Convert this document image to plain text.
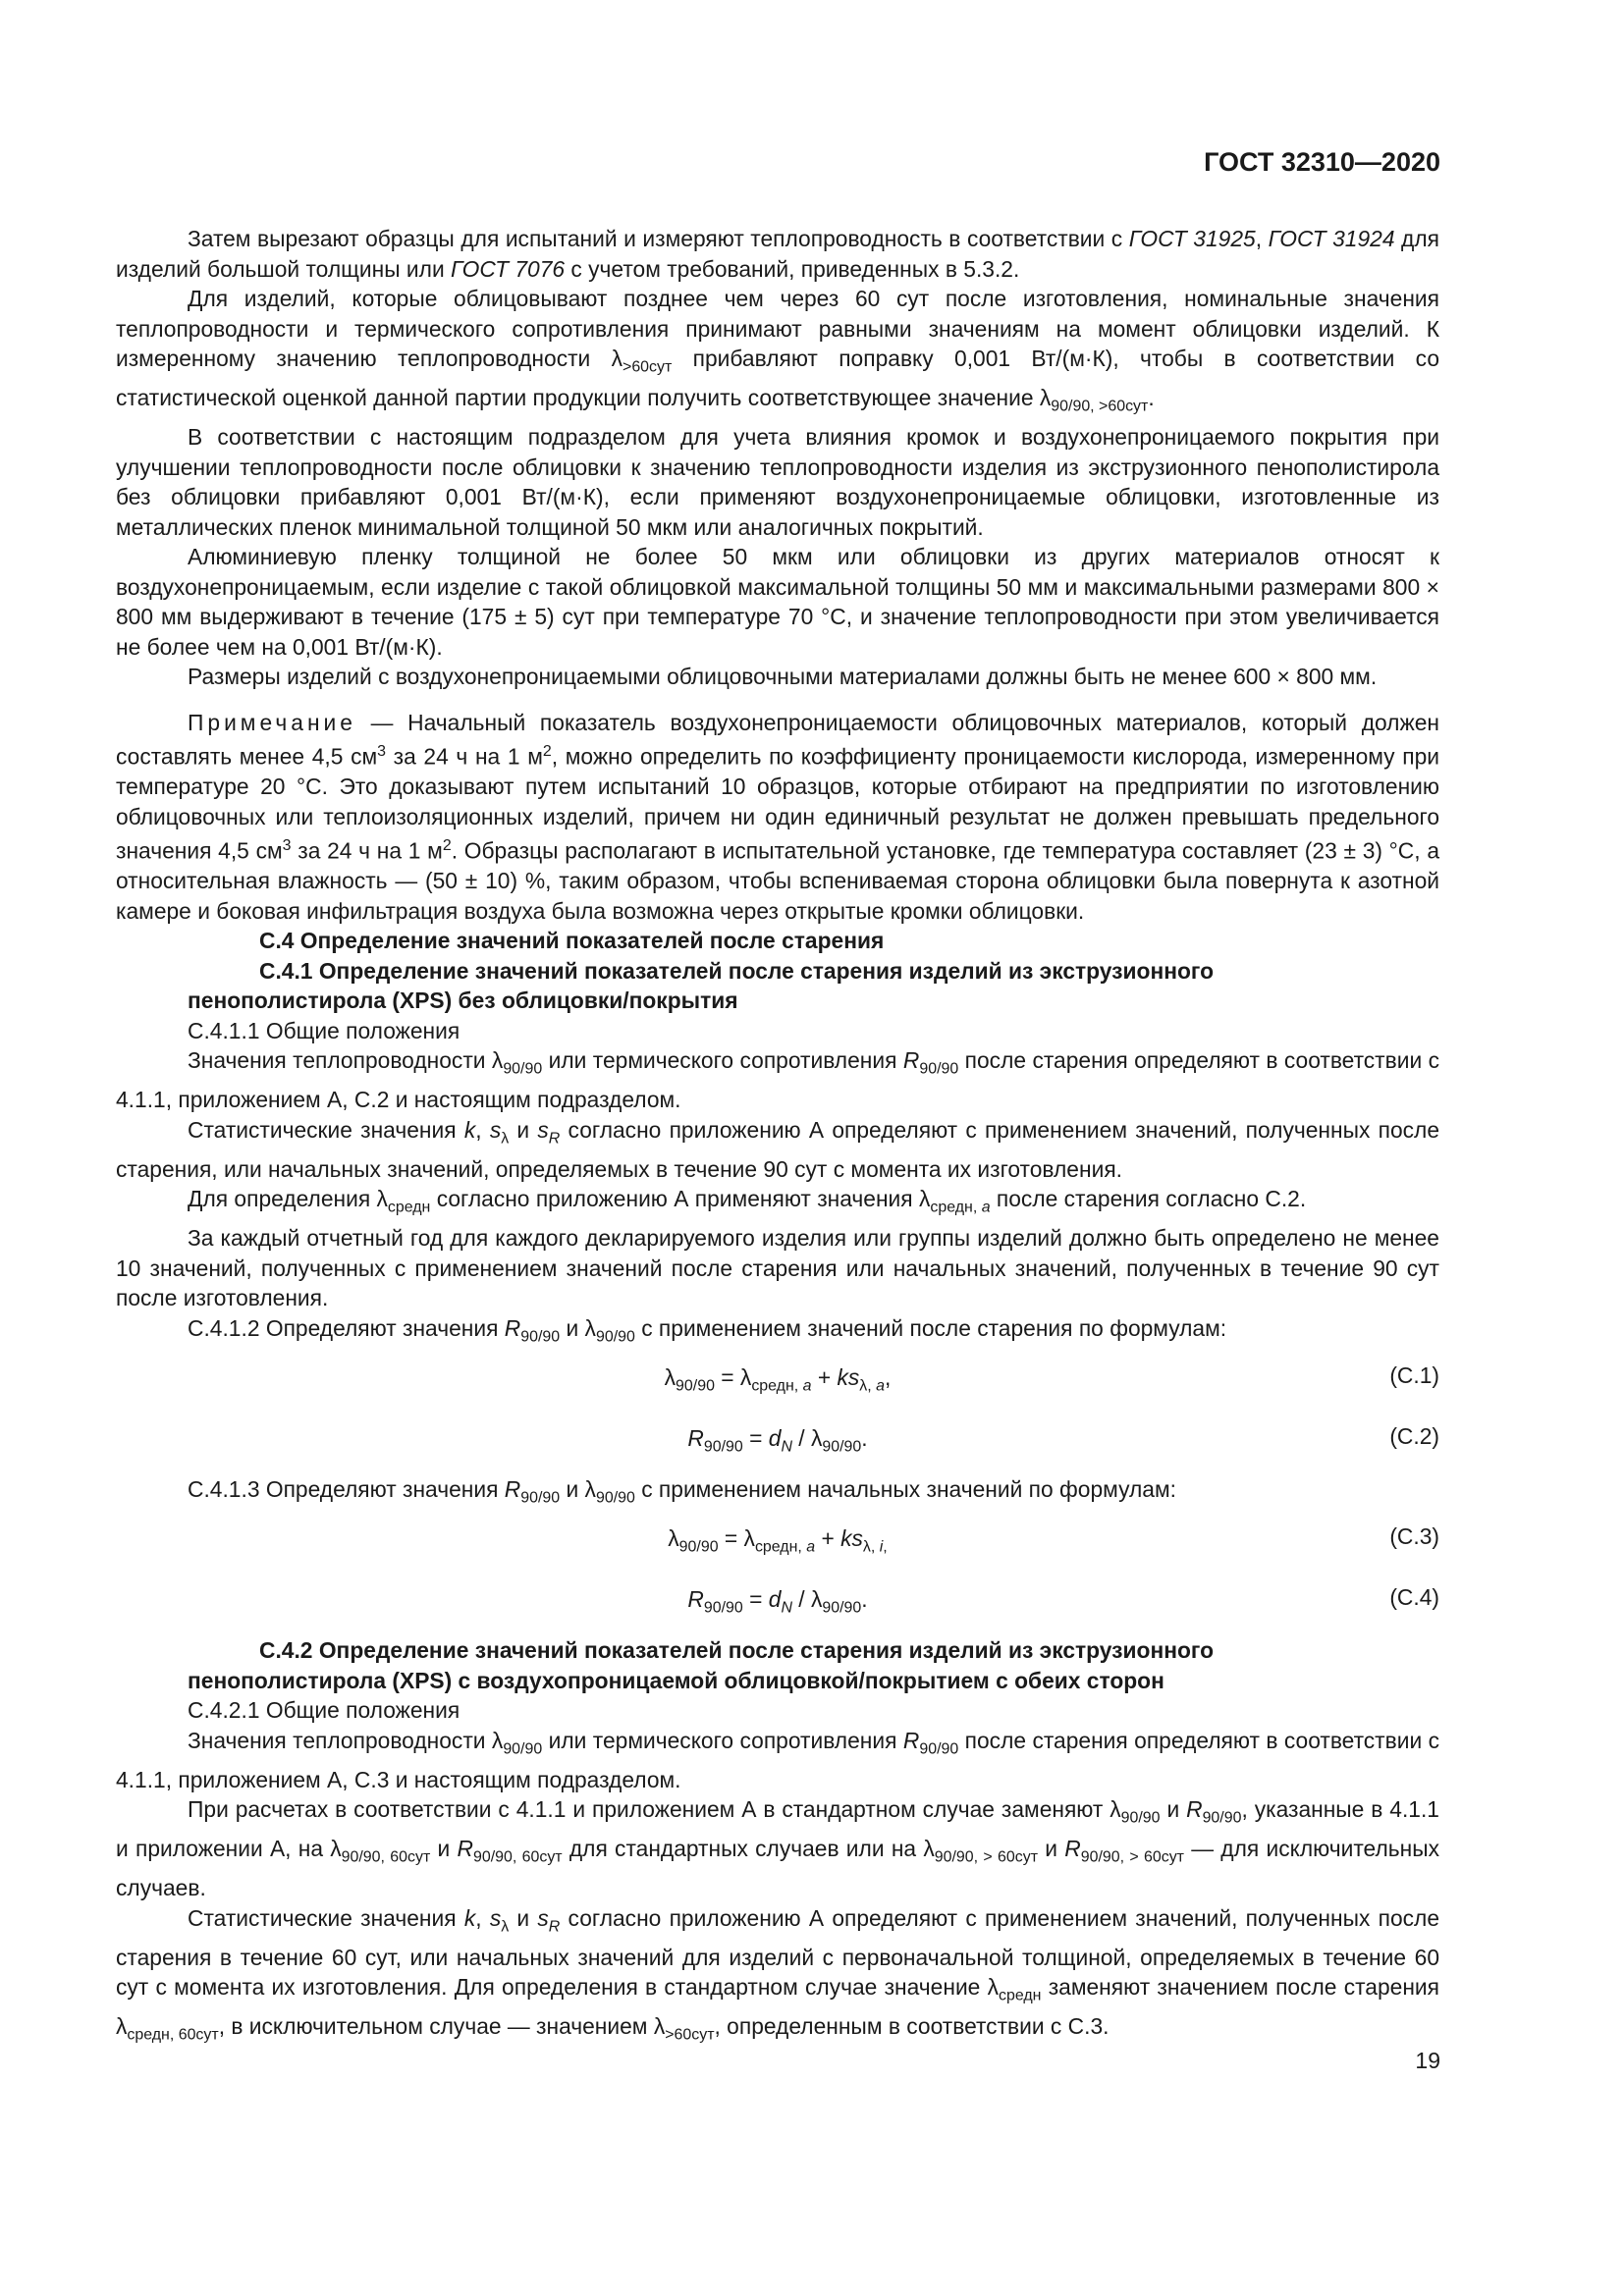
ГОСТ 32310—2020

Затем вырезают образцы для испытаний и измеряют теплопроводность в соответствии с ГОСТ 31925, ГОСТ 31924 для изделий большой толщины или ГОСТ 7076 с учетом требований, приведенных в 5.3.2.

Для изделий, которые облицовывают позднее чем через 60 сут после изготовления, номинальные значения теплопроводности и термического сопротивления принимают равными значениям на момент облицовки изделий. К измеренному значению теплопроводности $\lambda_{>60сут}$ прибавляют поправку 0,001 Вт/(м·К), чтобы в соответствии со статистической оценкой данной партии продукции получить соответствующее значение $\lambda_{90/90, >60сут}$.

В соответствии с настоящим подразделом для учета влияния кромок и воздухонепроницаемого покрытия при улучшении теплопроводности после облицовки к значению теплопроводности изделия из экструзионного пенополистирола без облицовки прибавляют 0,001 Вт/(м·К), если применяют воздухонепроницаемые облицовки, изготовленные из металлических пленок минимальной толщиной 50 мкм или аналогичных покрытий.

Алюминиевую пленку толщиной не более 50 мкм или облицовки из других материалов относят к воздухонепроницаемым, если изделие с такой облицовкой максимальной толщины 50 мм и максимальными размерами 800 × 800 мм выдерживают в течение (175 ± 5) сут при температуре 70 °С, и значение теплопроводности при этом увеличивается не более чем на 0,001 Вт/(м·К).

Размеры изделий с воздухонепроницаемыми облицовочными материалами должны быть не менее 600 × 800 мм.

Примечание — Начальный показатель воздухонепроницаемости облицовочных материалов, который должен составлять менее 4,5 $см^3$ за 24 ч на 1 $м^2$, можно определить по коэффициенту проницаемости кислорода, измеренному при температуре 20 °С. Это доказывают путем испытаний 10 образцов, которые отбирают на предприятии по изготовлению облицовочных или теплоизоляционных изделий, причем ни один единичный результат не должен превышать предельного значения 4,5 $см^3$ за 24 ч на 1 $м^2$. Образцы располагают в испытательной установке, где температура составляет (23 ± 3) °С, а относительная влажность — (50 ± 10) %, таким образом, чтобы вспениваемая сторона облицовки была повернута к азотной камере и боковая инфильтрация воздуха была возможна через открытые кромки облицовки.

С.4 Определение значений показателей после старения

С.4.1 Определение значений показателей после старения изделий из экструзионного
пенополистирола (XPS) без облицовки/покрытия

С.4.1.1 Общие положения

Значения теплопроводности $\lambda_{90/90}$ или термического сопротивления $R_{90/90}$ после старения определяют в соответствии с 4.1.1, приложением А, С.2 и настоящим подразделом.

Статистические значения k, $s_\lambda$ и $s_R$ согласно приложению А определяют с применением значений, полученных после старения, или начальных значений, определяемых в течение 90 сут с момента их изготовления.

Для определения $\lambda_{средн}$ согласно приложению А применяют значения $\lambda_{средн, a}$ после старения согласно С.2.

За каждый отчетный год для каждого декларируемого изделия или группы изделий должно быть определено не менее 10 значений, полученных с применением значений после старения или начальных значений, полученных в течение 90 сут после изготовления.

С.4.1.2 Определяют значения $R_{90/90}$ и $\lambda_{90/90}$ с применением значений после старения по формулам:

$\lambda_{90/90} = \lambda_{средн, a} + ks_{\lambda, a}$,	(С.1)
$R_{90/90} = d_N / \lambda_{90/90}$.	(С.2)

С.4.1.3 Определяют значения $R_{90/90}$ и $\lambda_{90/90}$ с применением начальных значений по формулам:

$\lambda_{90/90} = \lambda_{средн, a} + ks_{\lambda, i,}$	(С.3)
$R_{90/90} = d_N / \lambda_{90/90}$.	(С.4)

С.4.2 Определение значений показателей после старения изделий из экструзионного
пенополистирола (XPS) с воздухопроницаемой облицовкой/покрытием с обеих сторон

С.4.2.1 Общие положения

Значения теплопроводности $\lambda_{90/90}$ или термического сопротивления $R_{90/90}$ после старения определяют в соответствии с 4.1.1, приложением А, С.3 и настоящим подразделом.

При расчетах в соответствии с 4.1.1 и приложением А в стандартном случае заменяют $\lambda_{90/90}$ и $R_{90/90}$, указанные в 4.1.1 и приложении А, на $\lambda_{90/90, 60сут}$ и $R_{90/90, 60сут}$ для стандартных случаев или на $\lambda_{90/90, > 60сут}$ и $R_{90/90, > 60сут}$ — для исключительных случаев.

Статистические значения k, $s_\lambda$ и $s_R$ согласно приложению А определяют с применением значений, полученных после старения в течение 60 сут, или начальных значений для изделий с первоначальной толщиной, определяемых в течение 60 сут с момента их изготовления. Для определения в стандартном случае значение $\lambda_{средн}$ заменяют значением после старения $\lambda_{средн, 60сут}$, в исключительном случае — значением $\lambda_{>60сут}$, определенным в соответствии с С.3.

19
